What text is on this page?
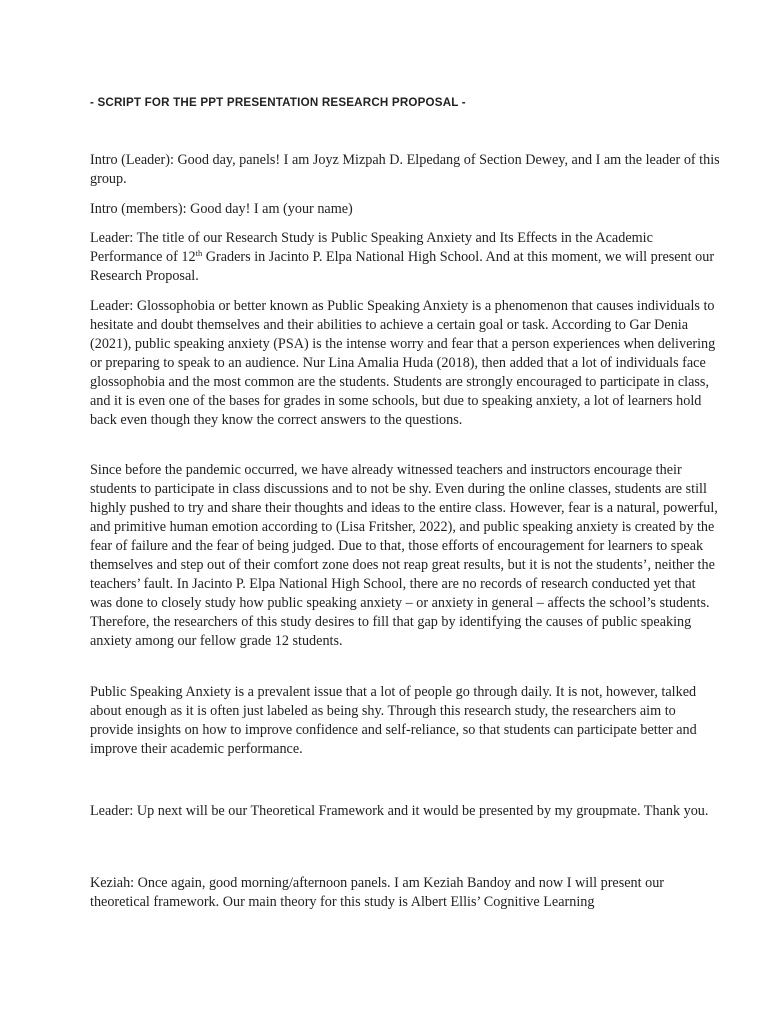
- SCRIPT FOR THE PPT PRESENTATION RESEARCH PROPOSAL -

Intro (Leader): Good day, panels! I am Joyz Mizpah D. Elpedang of Section Dewey, and I am the leader of this group.

Intro (members): Good day! I am (your name)

Leader: The title of our Research Study is Public Speaking Anxiety and Its Effects in the Academic Performance of 12th Graders in Jacinto P. Elpa National High School. And at this moment, we will present our Research Proposal.

Leader: Glossophobia or better known as Public Speaking Anxiety is a phenomenon that causes individuals to hesitate and doubt themselves and their abilities to achieve a certain goal or task. According to Gar Denia (2021), public speaking anxiety (PSA) is the intense worry and fear that a person experiences when delivering or preparing to speak to an audience. Nur Lina Amalia Huda (2018), then added that a lot of individuals face glossophobia and the most common are the students. Students are strongly encouraged to participate in class, and it is even one of the bases for grades in some schools, but due to speaking anxiety, a lot of learners hold back even though they know the correct answers to the questions.

Since before the pandemic occurred, we have already witnessed teachers and instructors encourage their students to participate in class discussions and to not be shy. Even during the online classes, students are still highly pushed to try and share their thoughts and ideas to the entire class. However, fear is a natural, powerful, and primitive human emotion according to (Lisa Fritsher, 2022), and public speaking anxiety is created by the fear of failure and the fear of being judged. Due to that, those efforts of encouragement for learners to speak themselves and step out of their comfort zone does not reap great results, but it is not the students’, neither the teachers’ fault. In Jacinto P. Elpa National High School, there are no records of research conducted yet that was done to closely study how public speaking anxiety – or anxiety in general – affects the school’s students. Therefore, the researchers of this study desires to fill that gap by identifying the causes of public speaking anxiety among our fellow grade 12 students.

Public Speaking Anxiety is a prevalent issue that a lot of people go through daily. It is not, however, talked about enough as it is often just labeled as being shy. Through this research study, the researchers aim to provide insights on how to improve confidence and self-reliance, so that students can participate better and improve their academic performance.

Leader: Up next will be our Theoretical Framework and it would be presented by my groupmate. Thank you.

Keziah: Once again, good morning/afternoon panels. I am Keziah Bandoy and now I will present our theoretical framework. Our main theory for this study is Albert Ellis’ Cognitive Learning
